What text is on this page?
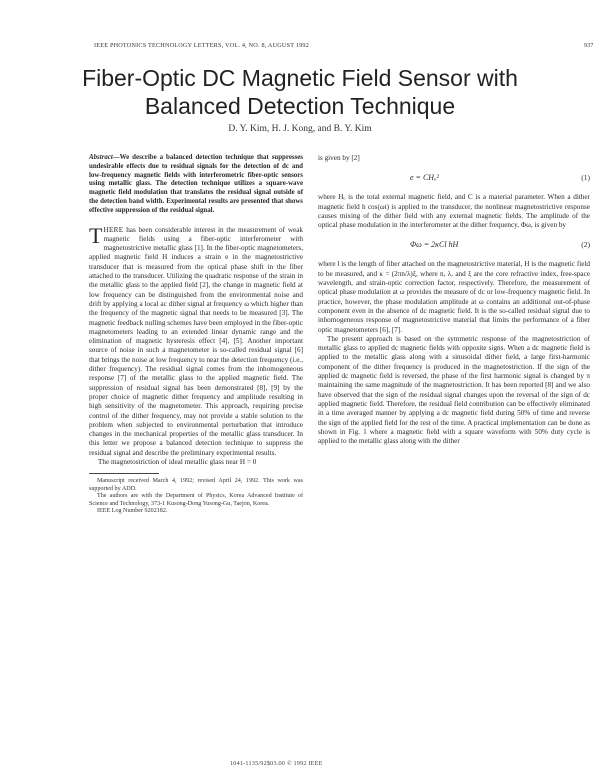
IEEE PHOTONICS TECHNOLOGY LETTERS, VOL. 4, NO. 8, AUGUST 1992	937
Fiber-Optic DC Magnetic Field Sensor with
Balanced Detection Technique
D. Y. Kim, H. J. Kong, and B. Y. Kim

Abstract—We describe a balanced detection technique that suppresses undesirable effects due to residual signals for the detection of dc and low-frequency magnetic fields with interferometric fiber-optic sensors using metallic glass. The detection technique utilizes a square-wave magnetic field modulation that translates the residual signal outside of the detection band width. Experimental results are presented that shows effective suppression of the residual signal.

THERE has been considerable interest in the measurement of weak magnetic fields using a fiber-optic interferometer with magnetostrictive metallic glass [1]. In the fiber-optic magnetometers, applied magnetic field H induces a strain e in the magnetostrictive transducer that is measured from the optical phase shift in the fiber attached to the transducer. Utilizing the quadratic response of the strain in the metallic glass to the applied field [2], the change in magnetic field at low frequency can be distinguished from the environmental noise and drift by applying a local ac dither signal at frequency ω which higher than the frequency of the magnetic signal that needs to be measured [3]. The magnetic feedback nulling schemes have been employed in the fiber-optic magnetometers leading to an extended linear dynamic range and the elimination of magnetic hysteresis effect [4], [5]. Another important source of noise in such a magnetometer is so-called residual signal [6] that brings the noise at low frequency to near the detection frequency (i.e., dither frequency). The residual signal comes from the inhomogeneous response [7] of the metallic glass to the applied magnetic field. The suppression of residual signal has been demonstrated [8], [9] by the proper choice of magnetic dither frequency and amplitude resulting in high sensitivity of the magnetometer. This approach, requiring precise control of the dither frequency, may not provide a stable solution to the problem when subjected to environmental perturbation that introduce changes in the mechanical properties of the metallic glass transducer. In this letter we propose a balanced detection technique to suppress the residual signal and describe the preliminary experimental results.

The magnetostriction of ideal metallic glass near H = 0

Manuscript received March 4, 1992; revised April 24, 1992. This work was supported by ADD.

The authors are with the Department of Physics, Korea Advanced Institute of Science and Technology, 373-1 Kusong-Dong Yusong-Gu, Taejon, Korea.

IEEE Log Number 9202182.

is given by [2]

e = CHₒ²	(1)

where Hₒ is the total external magnetic field, and C is a material parameter. When a dither magnetic field h cos(ωt) is applied to the transducer, the nonlinear magnetostrictive response causes mixing of the dither field with any external magnetic fields. The amplitude of the optical phase modulation in the interferometer at the dither frequency, Φω, is given by

Φω = 2κCl hH	(2)

where l is the length of fiber attached on the magnetostrictive material, H is the magnetic field to be measured, and κ = (2πn/λ)ξ, where n, λ, and ξ are the core refractive index, free-space wavelength, and strain-optic correction factor, respectively. Therefore, the measurement of optical phase modulation at ω provides the measure of dc or low-frequency magnetic field. In practice, however, the phase modulation amplitude at ω contains an additional out-of-phase component even in the absence of dc magnetic field. It is the so-called residual signal due to inhomogeneous response of magnetostrictive material that limits the performance of a fiber optic magnetometers [6], [7].

The present approach is based on the symmetric response of the magnetostriction of metallic glass to applied dc magnetic fields with opposite signs. When a dc magnetic field is applied to the metallic glass along with a sinusoidal dither field, a large first-harmonic component of the dither frequency is produced in the magnetostriction. If the sign of the applied dc magnetic field is reversed, the phase of the first harmonic signal is changed by π maintaining the same magnitude of the magnetostriction. It has been reported [8] and we also have observed that the sign of the residual signal changes upon the reversal of the sign of dc applied magnetic field. Therefore, the residual field contribution can be effectively eliminated in a time averaged manner by applying a dc magnetic field during 50% of time and reverse the sign of the applied field for the rest of the time. A practical implementation can be done as shown in Fig. 1 where a magnetic field with a square waveform with 50% duty cycle is applied to the metallic glass along with the dither

1041-1135/92$03.00 © 1992 IEEE
